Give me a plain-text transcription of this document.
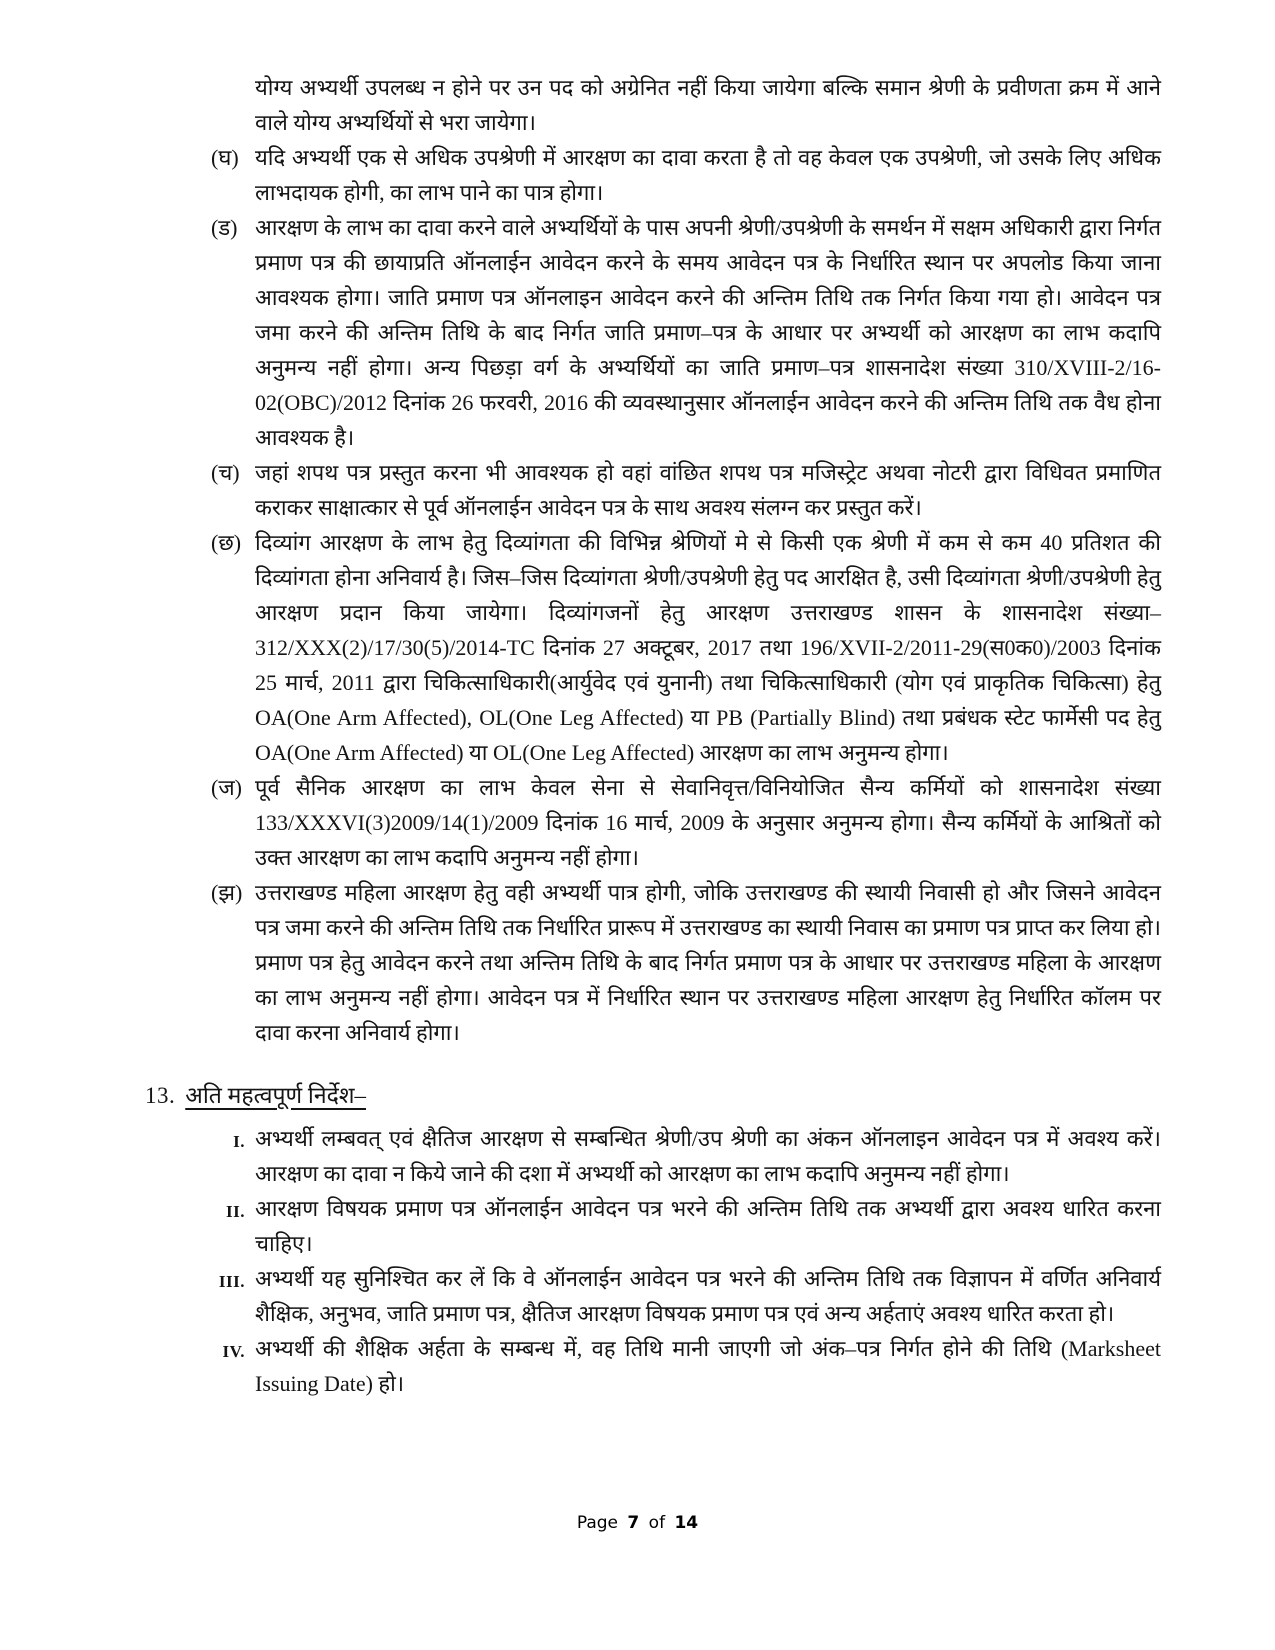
योग्य अभ्यर्थी उपलब्ध न होने पर उन पद को अग्रेनित नहीं किया जायेगा बल्कि समान श्रेणी के प्रवीणता क्रम में आने वाले योग्य अभ्यर्थियों से भरा जायेगा।

(घ) यदि अभ्यर्थी एक से अधिक उपश्रेणी में आरक्षण का दावा करता है तो वह केवल एक उपश्रेणी, जो उसके लिए अधिक लाभदायक होगी, का लाभ पाने का पात्र होगा।

(ड) आरक्षण के लाभ का दावा करने वाले अभ्यर्थियों के पास अपनी श्रेणी/उपश्रेणी के समर्थन में सक्षम अधिकारी द्वारा निर्गत प्रमाण पत्र की छायाप्रति ऑनलाईन आवेदन करने के समय आवेदन पत्र के निर्धारित स्थान पर अपलोड किया जाना आवश्यक होगा। जाति प्रमाण पत्र ऑनलाइन आवेदन करने की अन्तिम तिथि तक निर्गत किया गया हो। आवेदन पत्र जमा करने की अन्तिम तिथि के बाद निर्गत जाति प्रमाण–पत्र के आधार पर अभ्यर्थी को आरक्षण का लाभ कदापि अनुमन्य नहीं होगा। अन्य पिछड़ा वर्ग के अभ्यर्थियों का जाति प्रमाण–पत्र शासनादेश संख्या 310/XVIII-2/16-02(OBC)/2012 दिनांक 26 फरवरी, 2016 की व्यवस्थानुसार ऑनलाईन आवेदन करने की अन्तिम तिथि तक वैध होना आवश्यक है।

(च) जहां शपथ पत्र प्रस्तुत करना भी आवश्यक हो वहां वांछित शपथ पत्र मजिस्ट्रेट अथवा नोटरी द्वारा विधिवत प्रमाणित कराकर साक्षात्कार से पूर्व ऑनलाईन आवेदन पत्र के साथ अवश्य संलग्न कर प्रस्तुत करें।

(छ) दिव्यांग आरक्षण के लाभ हेतु दिव्यांगता की विभिन्न श्रेणियों मे से किसी एक श्रेणी में कम से कम 40 प्रतिशत की दिव्यांगता होना अनिवार्य है। जिस–जिस दिव्यांगता श्रेणी/उपश्रेणी हेतु पद आरक्षित है, उसी दिव्यांगता श्रेणी/उपश्रेणी हेतु आरक्षण प्रदान किया जायेगा। दिव्यांगजनों हेतु आरक्षण उत्तराखण्ड शासन के शासनादेश संख्या–312/XXX(2)/17/30(5)/2014-TC दिनांक 27 अक्टूबर, 2017 तथा 196/XVII-2/2011-29(स0क0)/2003 दिनांक 25 मार्च, 2011 द्वारा चिकित्साधिकारी(आर्युवेद एवं युनानी) तथा चिकित्साधिकारी (योग एवं प्राकृतिक चिकित्सा) हेतु OA(One Arm Affected), OL(One Leg Affected) या PB (Partially Blind) तथा प्रबंधक स्टेट फार्मेसी पद हेतु OA(One Arm Affected) या OL(One Leg Affected) आरक्षण का लाभ अनुमन्य होगा।

(ज) पूर्व सैनिक आरक्षण का लाभ केवल सेना से सेवानिवृत्त/विनियोजित सैन्य कर्मियों को शासनादेश संख्या 133/XXXVI(3)2009/14(1)/2009 दिनांक 16 मार्च, 2009 के अनुसार अनुमन्य होगा। सैन्य कर्मियों के आश्रितों को उक्त आरक्षण का लाभ कदापि अनुमन्य नहीं होगा।

(झ) उत्तराखण्ड महिला आरक्षण हेतु वही अभ्यर्थी पात्र होगी, जोकि उत्तराखण्ड की स्थायी निवासी हो और जिसने आवेदन पत्र जमा करने की अन्तिम तिथि तक निर्धारित प्रारूप में उत्तराखण्ड का स्थायी निवास का प्रमाण पत्र प्राप्त कर लिया हो। प्रमाण पत्र हेतु आवेदन करने तथा अन्तिम तिथि के बाद निर्गत प्रमाण पत्र के आधार पर उत्तराखण्ड महिला के आरक्षण का लाभ अनुमन्य नहीं होगा। आवेदन पत्र में निर्धारित स्थान पर उत्तराखण्ड महिला आरक्षण हेतु निर्धारित कॉलम पर दावा करना अनिवार्य होगा।

13. अति महत्वपूर्ण निर्देश–
I. अभ्यर्थी लम्बवत् एवं क्षैतिज आरक्षण से सम्बन्धित श्रेणी/उप श्रेणी का अंकन ऑनलाइन आवेदन पत्र में अवश्य करें। आरक्षण का दावा न किये जाने की दशा में अभ्यर्थी को आरक्षण का लाभ कदापि अनुमन्य नहीं होगा।

II. आरक्षण विषयक प्रमाण पत्र ऑनलाईन आवेदन पत्र भरने की अन्तिम तिथि तक अभ्यर्थी द्वारा अवश्य धारित करना चाहिए।

III. अभ्यर्थी यह सुनिश्चित कर लें कि वे ऑनलाईन आवेदन पत्र भरने की अन्तिम तिथि तक विज्ञापन में वर्णित अनिवार्य शैक्षिक, अनुभव, जाति प्रमाण पत्र, क्षैतिज आरक्षण विषयक प्रमाण पत्र एवं अन्य अर्हताएं अवश्य धारित करता हो।

IV. अभ्यर्थी की शैक्षिक अर्हता के सम्बन्ध में, वह तिथि मानी जाएगी जो अंक–पत्र निर्गत होने की तिथि (Marksheet Issuing Date) हो।

Page 7 of 14
